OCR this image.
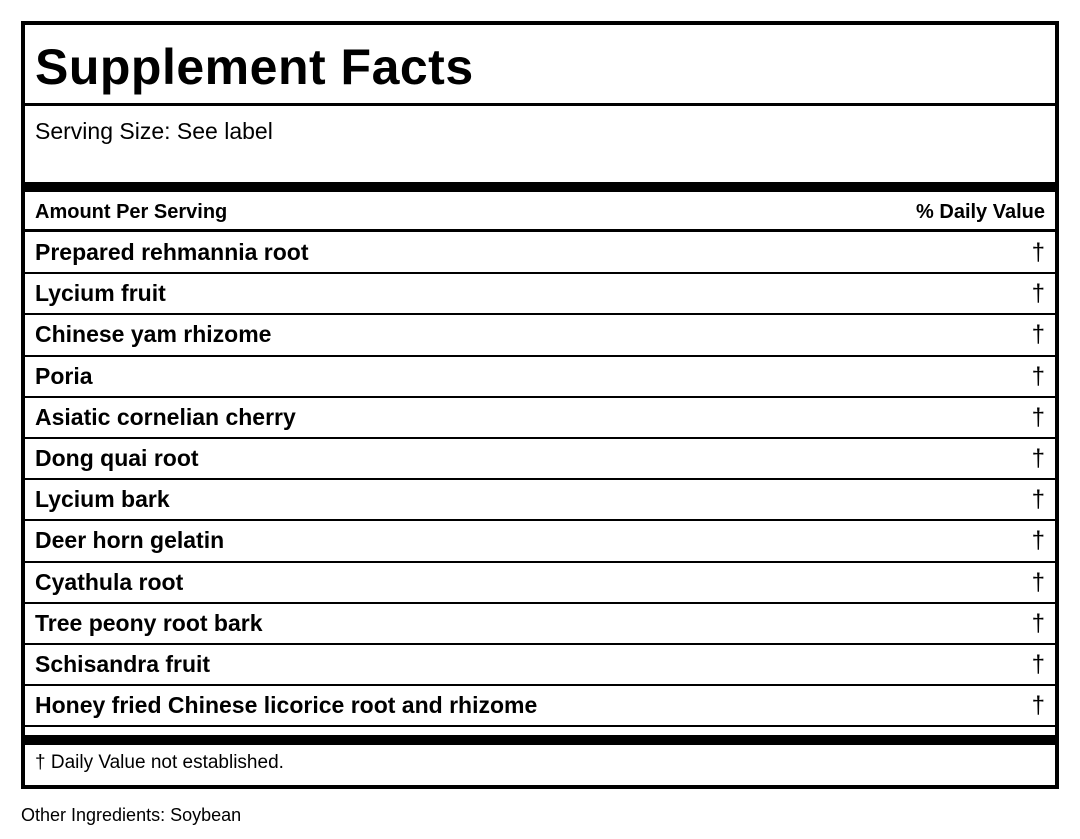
Supplement Facts
Serving Size: See label
Amount Per Serving	% Daily Value
Prepared rehmannia root	†
Lycium fruit	†
Chinese yam rhizome	†
Poria	†
Asiatic cornelian cherry	†
Dong quai root	†
Lycium bark	†
Deer horn gelatin	†
Cyathula root	†
Tree peony root bark	†
Schisandra fruit	†
Honey fried Chinese licorice root and rhizome	†
† Daily Value not established.
Other Ingredients: Soybean
